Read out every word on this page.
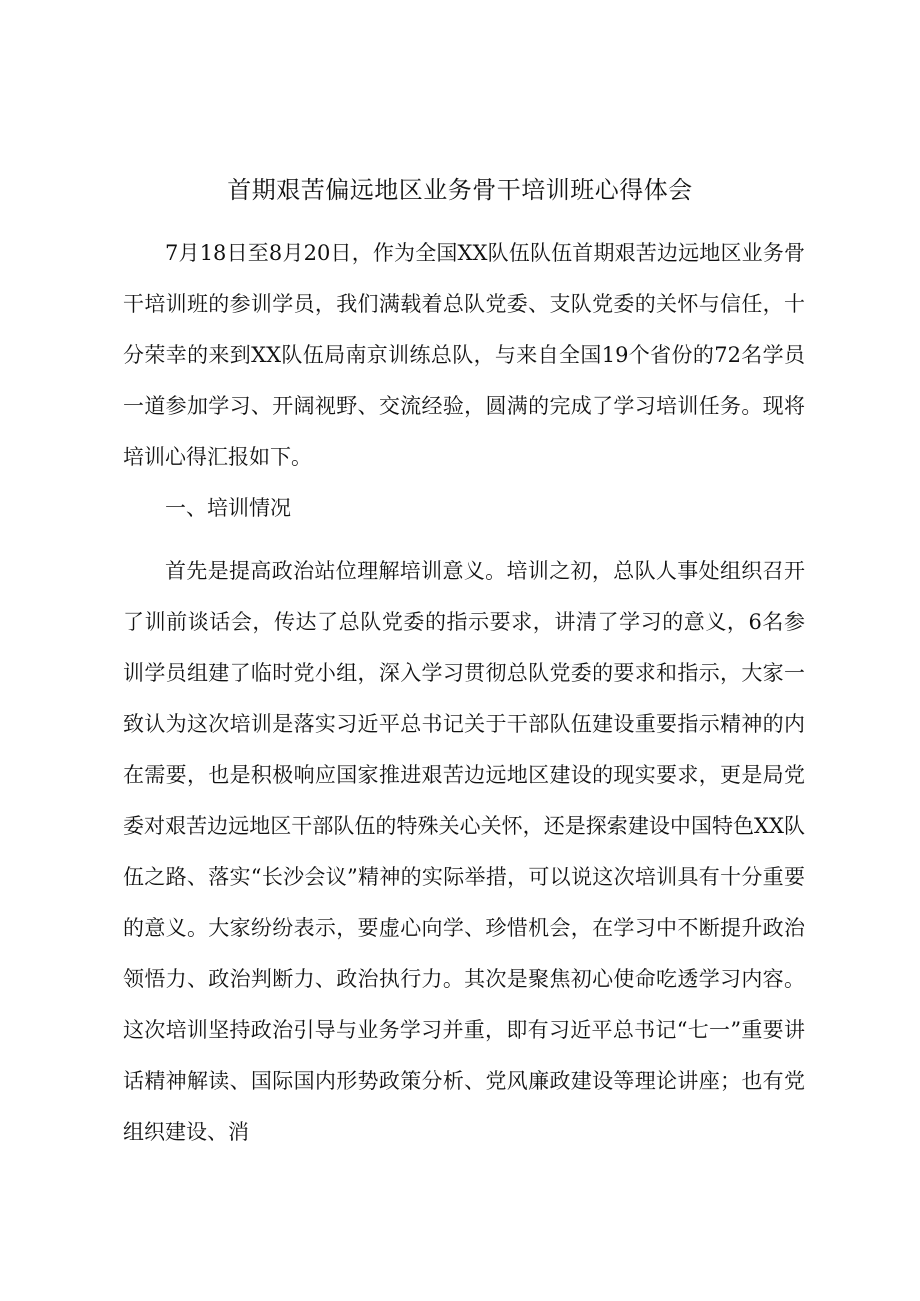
首期艰苦偏远地区业务骨干培训班心得体会

7月18日至8月20日，作为全国XX队伍队伍首期艰苦边远地区业务骨干培训班的参训学员，我们满载着总队党委、支队党委的关怀与信任，十分荣幸的来到XX队伍局南京训练总队，与来自全国19个省份的72名学员一道参加学习、开阔视野、交流经验，圆满的完成了学习培训任务。现将培训心得汇报如下。

一、培训情况

首先是提高政治站位理解培训意义。培训之初，总队人事处组织召开了训前谈话会，传达了总队党委的指示要求，讲清了学习的意义，6名参训学员组建了临时党小组，深入学习贯彻总队党委的要求和指示，大家一致认为这次培训是落实习近平总书记关于干部队伍建设重要指示精神的内在需要，也是积极响应国家推进艰苦边远地区建设的现实要求，更是局党委对艰苦边远地区干部队伍的特殊关心关怀，还是探索建设中国特色XX队伍之路、落实“长沙会议”精神的实际举措，可以说这次培训具有十分重要的意义。大家纷纷表示，要虚心向学、珍惜机会，在学习中不断提升政治领悟力、政治判断力、政治执行力。其次是聚焦初心使命吃透学习内容。这次培训坚持政治引导与业务学习并重，即有习近平总书记“七一”重要讲话精神解读、国际国内形势政策分析、党风廉政建设等理论讲座；也有党组织建设、消
